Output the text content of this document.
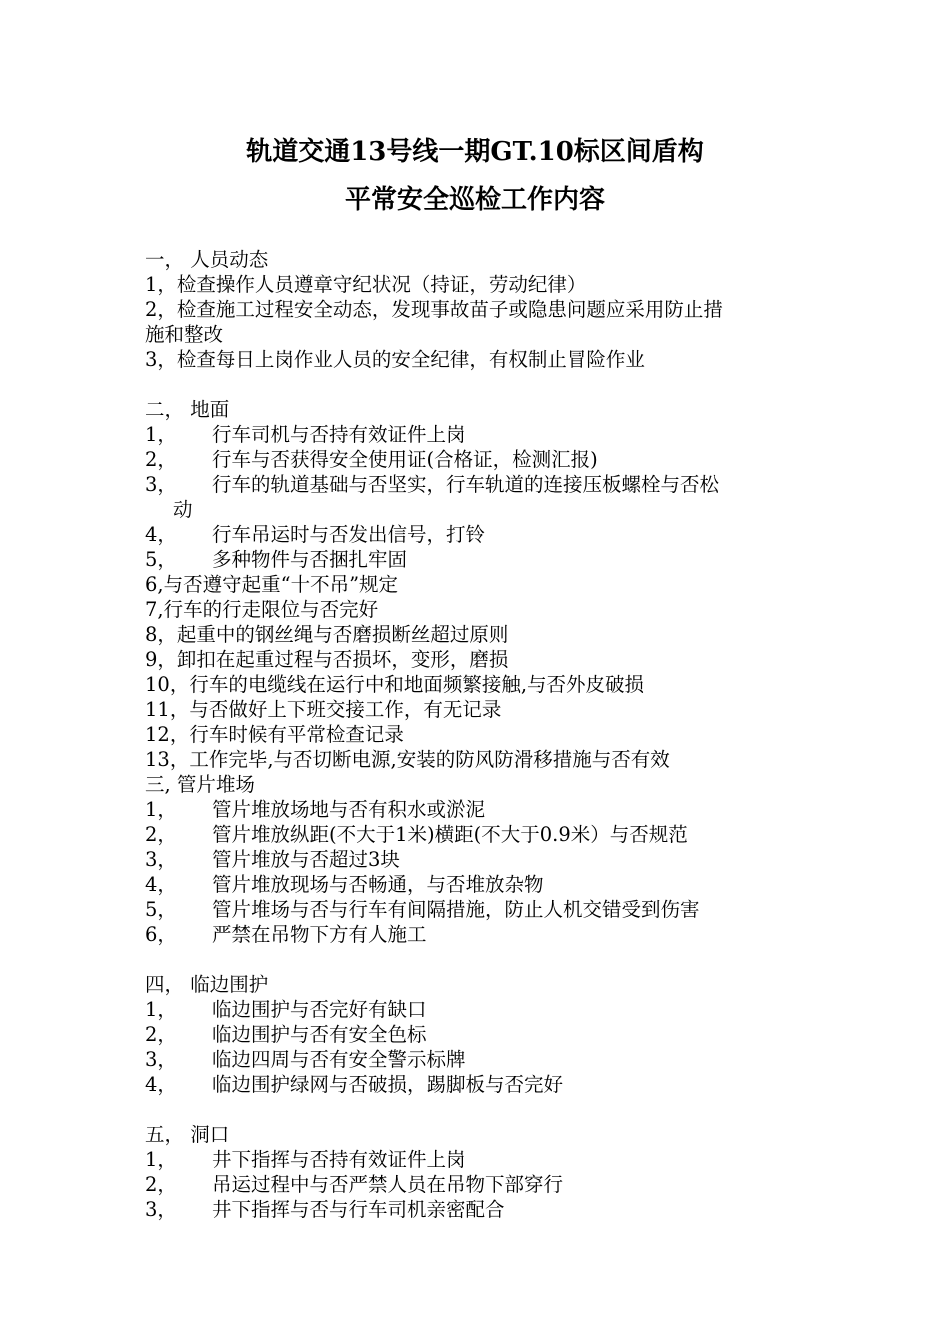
轨道交通13号线一期GT.10标区间盾构
平常安全巡检工作内容
一， 人员动态
1，检查操作人员遵章守纪状况（持证，劳动纪律）
2，检查施工过程安全动态，发现事故苗子或隐患问题应采用防止措
施和整改
3，检查每日上岗作业人员的安全纪律，有权制止冒险作业
二， 地面
1，	行车司机与否持有效证件上岗
2，	行车与否获得安全使用证(合格证，检测汇报)
3，	行车的轨道基础与否坚实，行车轨道的连接压板螺栓与否松
动
4，	行车吊运时与否发出信号，打铃
5，	多种物件与否捆扎牢固
6,与否遵守起重“十不吊”规定
7,行车的行走限位与否完好
8，起重中的钢丝绳与否磨损断丝超过原则
9，卸扣在起重过程与否损坏，变形，磨损
10，行车的电缆线在运行中和地面频繁接触,与否外皮破损
11，与否做好上下班交接工作，有无记录
12，行车时候有平常检查记录
13，工作完毕,与否切断电源,安装的防风防滑移措施与否有效
三, 管片堆场
1，	管片堆放场地与否有积水或淤泥
2，	管片堆放纵距(不大于1米)横距(不大于0.9米）与否规范
3，	管片堆放与否超过3块
4，	管片堆放现场与否畅通，与否堆放杂物
5，	管片堆场与否与行车有间隔措施，防止人机交错受到伤害
6，	严禁在吊物下方有人施工
四， 临边围护
1，	临边围护与否完好有缺口
2，	临边围护与否有安全色标
3，	临边四周与否有安全警示标牌
4，	临边围护绿网与否破损，踢脚板与否完好
五， 洞口
1，	井下指挥与否持有效证件上岗
2，	吊运过程中与否严禁人员在吊物下部穿行
3，	井下指挥与否与行车司机亲密配合
